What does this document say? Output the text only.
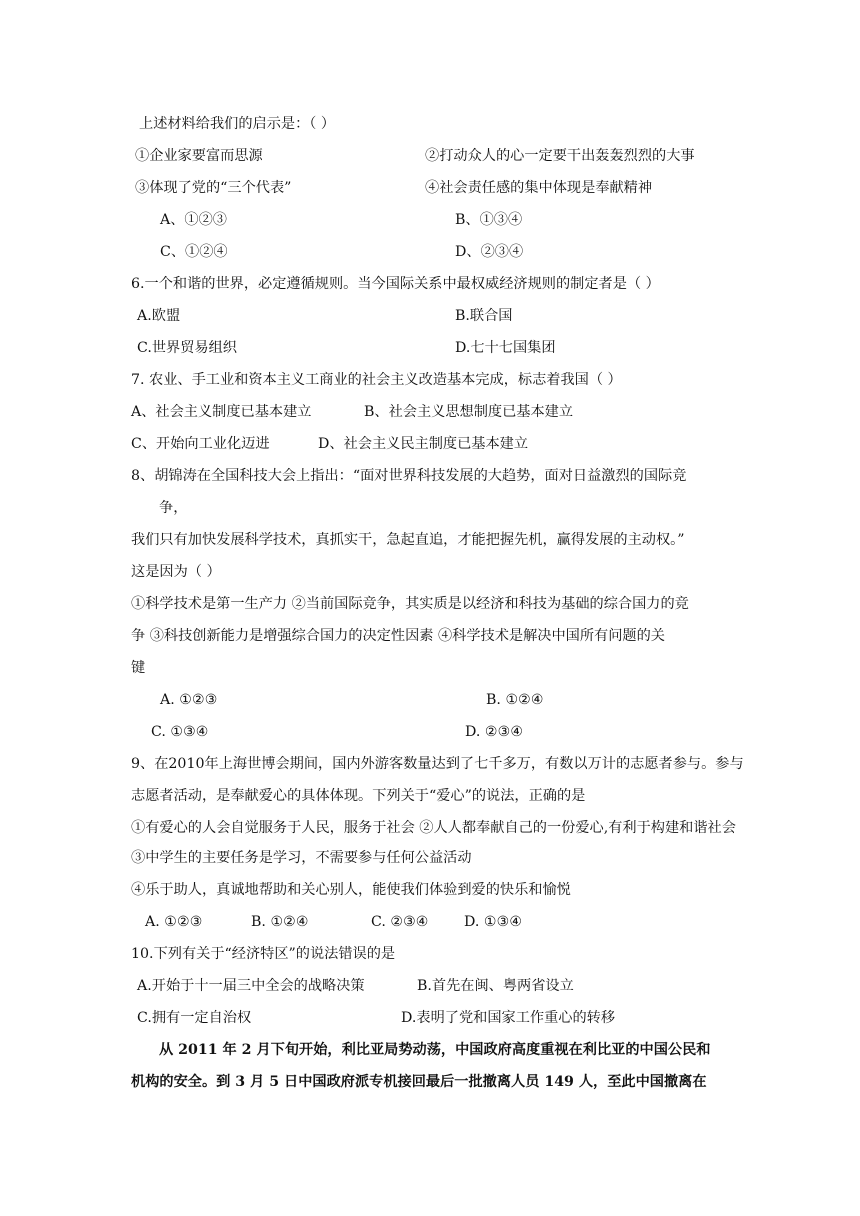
上述材料给我们的启示是：（ ）
①企业家要富而思源	②打动众人的心一定要干出轰轰烈烈的大事
③体现了党的“三个代表”	④社会责任感的集中体现是奉献精神
A、①②③	B、①③④
C、①②④	D、②③④
6.一个和谐的世界，必定遵循规则。当今国际关系中最权威经济规则的制定者是（ ）
A.欧盟	B.联合国
C.世界贸易组织	D.七十七国集团
7. 农业、手工业和资本主义工商业的社会主义改造基本完成，标志着我国（ ）
A、社会主义制度已基本建立	B、社会主义思想制度已基本建立
C、开始向工业化迈进	D、社会主义民主制度已基本建立
8、胡锦涛在全国科技大会上指出：“面对世界科技发展的大趋势，面对日益激烈的国际竞
争，
我们只有加快发展科学技术，真抓实干，急起直追，才能把握先机，赢得发展的主动权。”
这是因为（ ）
①科学技术是第一生产力 ②当前国际竞争，其实质是以经济和科技为基础的综合国力的竞
争 ③科技创新能力是增强综合国力的决定性因素 ④科学技术是解决中国所有问题的关
键
A. ①②③	B. ①②④
C. ①③④	D. ②③④
9、在2010年上海世博会期间，国内外游客数量达到了七千多万，有数以万计的志愿者参与。参与
志愿者活动，是奉献爱心的具体体现。下列关于“爱心”的说法，正确的是
①有爱心的人会自觉服务于人民，服务于社会 ②人人都奉献自己的一份爱心,有利于构建和谐社会
③中学生的主要任务是学习，不需要参与任何公益活动
④乐于助人，真诚地帮助和关心别人，能使我们体验到爱的快乐和愉悦
A. ①②③	B. ①②④	C. ②③④ D. ①③④
10.下列有关于“经济特区”的说法错误的是
A.开始于十一届三中全会的战略决策	B.首先在闽、粤两省设立
C.拥有一定自治权	D.表明了党和国家工作重心的转移
从 2011 年 2 月下旬开始，利比亚局势动荡，中国政府高度重视在利比亚的中国公民和
机构的安全。到 3 月 5 日中国政府派专机接回最后一批撤离人员 149 人，至此中国撤离在
